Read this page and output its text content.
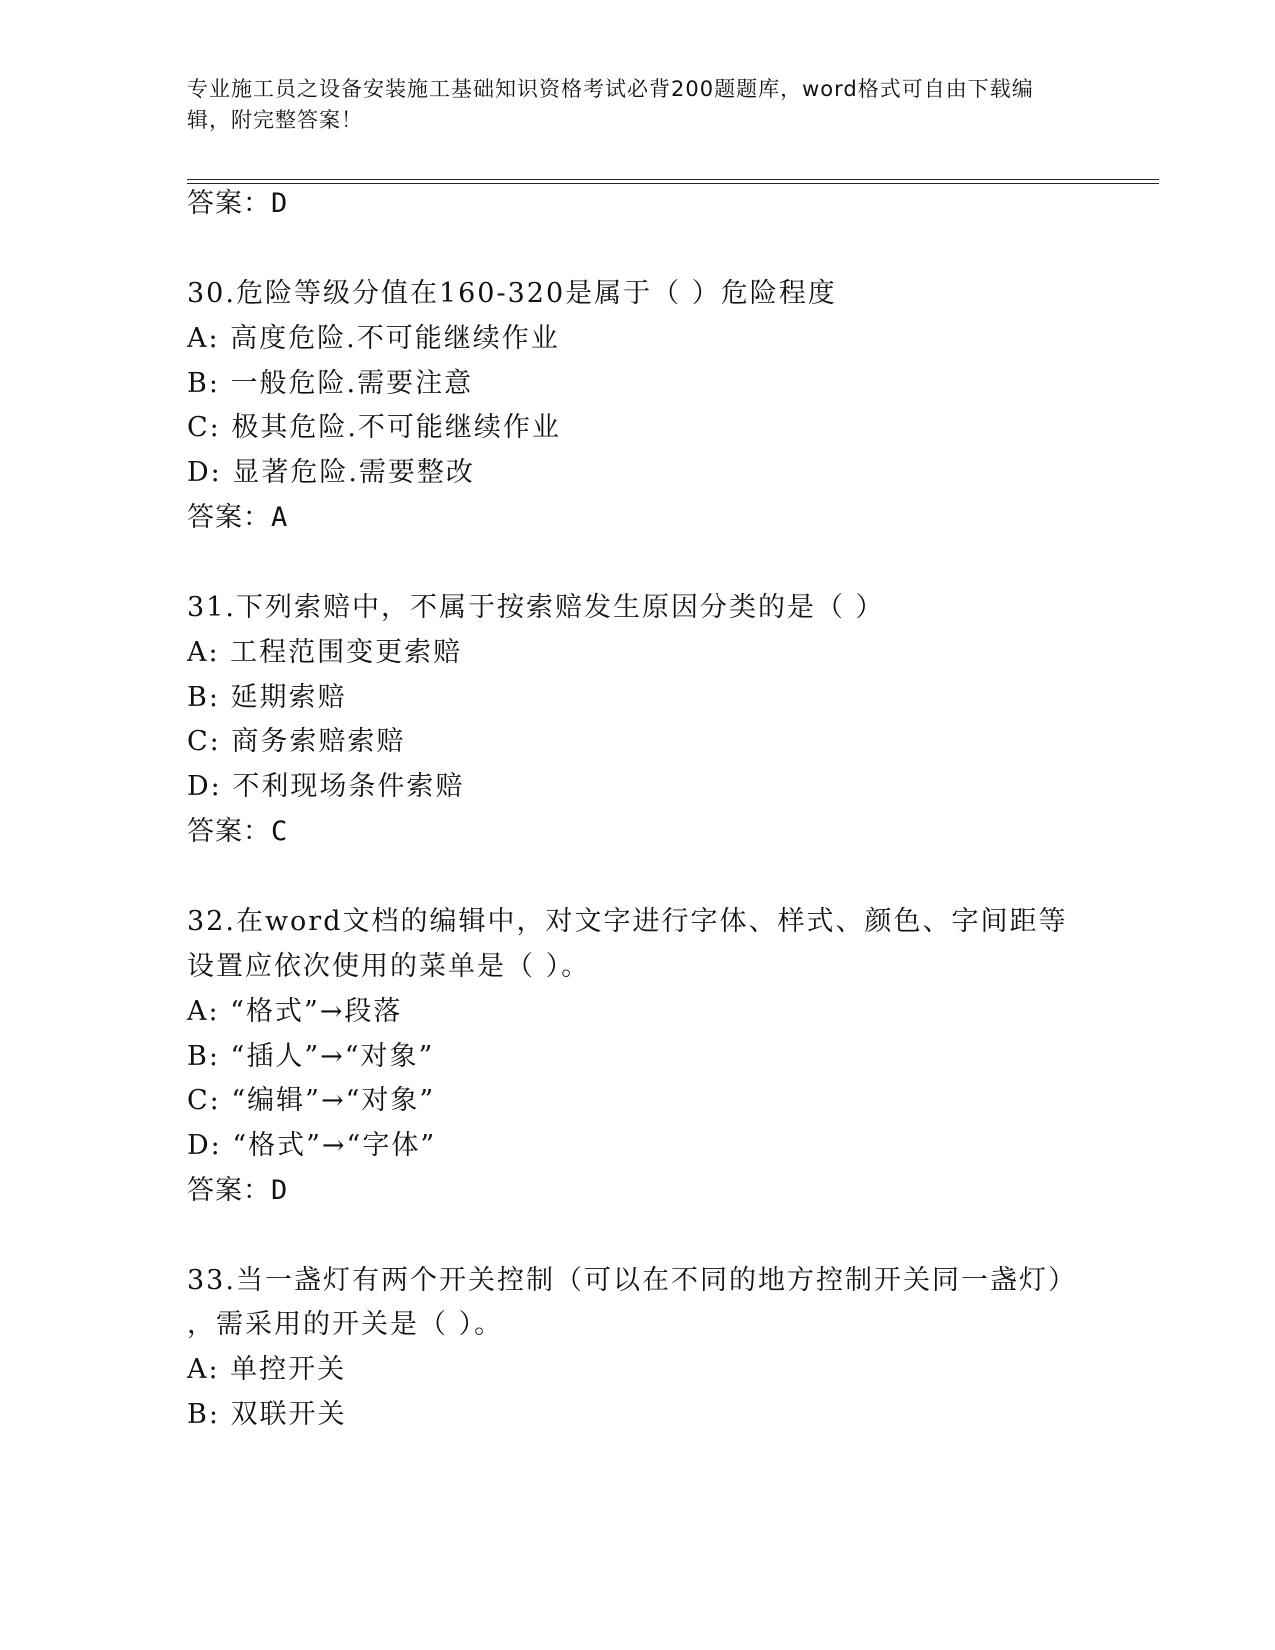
专业施工员之设备安装施工基础知识资格考试必背200题题库，word格式可自由下载编辑，附完整答案！
答案：D
30.危险等级分值在160-320是属于（ ）危险程度
A: 高度危险.不可能继续作业
B: 一般危险.需要注意
C: 极其危险.不可能继续作业
D: 显著危险.需要整改
答案：A
31.下列索赔中，不属于按索赔发生原因分类的是（ ）
A: 工程范围变更索赔
B: 延期索赔
C: 商务索赔索赔
D: 不利现场条件索赔
答案：C
32.在word文档的编辑中，对文字进行字体、样式、颜色、字间距等
设置应依次使用的菜单是（ ）。
A: “格式”→段落
B: “插人”→“对象”
C: “编辑”→“对象”
D: “格式”→“字体”
答案：D
33.当一盏灯有两个开关控制（可以在不同的地方控制开关同一盏灯）
，需采用的开关是（ ）。
A: 单控开关
B: 双联开关
